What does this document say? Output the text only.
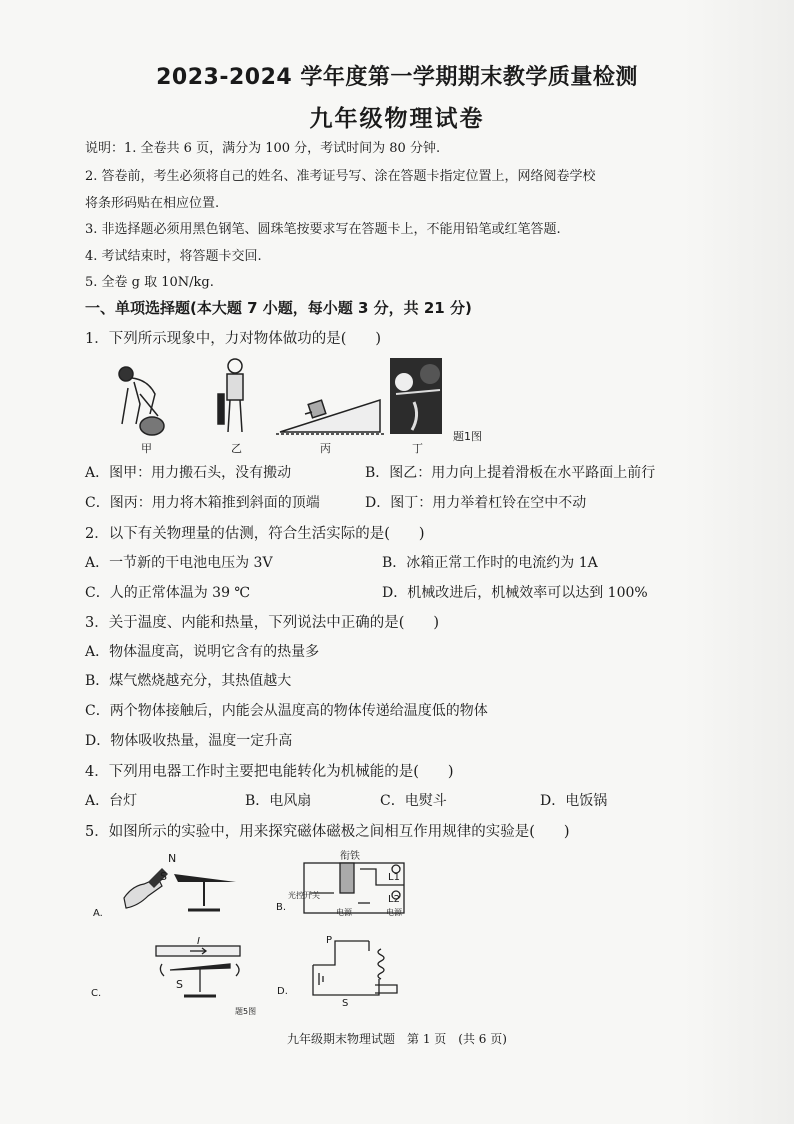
2023-2024 学年度第一学期期末教学质量检测
九年级物理试卷
说明：1. 全卷共 6 页，满分为 100 分，考试时间为 80 分钟.
2. 答卷前，考生必须将自己的姓名、准考证号写、涂在答题卡指定位置上，网络阅卷学校
将条形码贴在相应位置.
3. 非选择题必须用黑色钢笔、圆珠笔按要求写在答题卡上，不能用铅笔或红笔答题.
4. 考试结束时，将答题卡交回.
5. 全卷 g 取 10N/kg.
一、单项选择题(本大题 7 小题，每小题 3 分，共 21 分)
1．下列所示现象中，力对物体做功的是(　　)
甲	乙	丙	丁
题1图
A．图甲：用力搬石头，没有搬动	B．图乙：用力向上提着滑板在水平路面上前行
C．图丙：用力将木箱推到斜面的顶端	D．图丁：用力举着杠铃在空中不动
2．以下有关物理量的估测，符合生活实际的是(　　)
A．一节新的干电池电压为 3V	B．冰箱正常工作时的电流约为 1A
C．人的正常体温为 39 ℃	D．机械改进后，机械效率可以达到 100%
3．关于温度、内能和热量，下列说法中正确的是(　　)
A．物体温度高，说明它含有的热量多
B．煤气燃烧越充分，其热值越大
C．两个物体接触后，内能会从温度高的物体传递给温度低的物体
D．物体吸收热量，温度一定升高
4．下列用电器工作时主要把电能转化为机械能的是(　　)
A．台灯	B．电风扇	C．电熨斗	D．电饭锅
5．如图所示的实验中，用来探究磁体磁极之间相互作用规律的实验是(　　)
N
S
A.
衔铁
光控开关
L1
L2
电源	电源
B.
I
S
C.
题5图
P
S
D.
九年级期末物理试题　第 1 页　(共 6 页)
